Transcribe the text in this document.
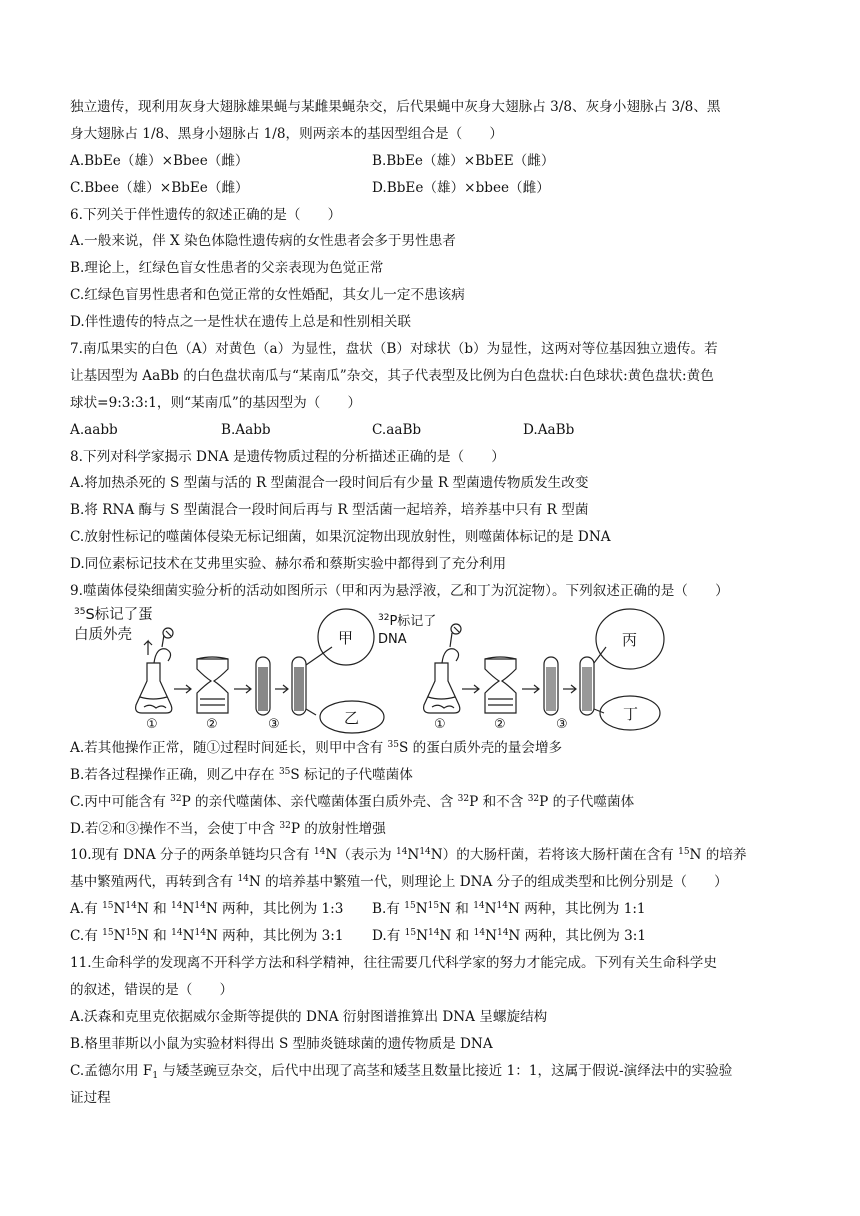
独立遗传，现利用灰身大翅脉雄果蝇与某雌果蝇杂交，后代果蝇中灰身大翅脉占 3/8、灰身小翅脉占 3/8、黑
身大翅脉占 1/8、黑身小翅脉占 1/8，则两亲本的基因型组合是（　　）
A.BbEe（雄）×Bbee（雌）	B.BbEe（雄）×BbEE（雌）
C.Bbee（雄）×BbEe（雌）	D.BbEe（雄）×bbee（雌）
6.下列关于伴性遗传的叙述正确的是（　　）
A.一般来说，伴 X 染色体隐性遗传病的女性患者会多于男性患者
B.理论上，红绿色盲女性患者的父亲表现为色觉正常
C.红绿色盲男性患者和色觉正常的女性婚配，其女儿一定不患该病
D.伴性遗传的特点之一是性状在遗传上总是和性别相关联
7.南瓜果实的白色（A）对黄色（a）为显性，盘状（B）对球状（b）为显性，这两对等位基因独立遗传。若
让基因型为 AaBb 的白色盘状南瓜与“某南瓜”杂交，其子代表型及比例为白色盘状:白色球状:黄色盘状:黄色
球状=9:3:3:1，则“某南瓜”的基因型为（　　）
A.aabb	B.Aabb	C.aaBb	D.AaBb
8.下列对科学家揭示 DNA 是遗传物质过程的分析描述正确的是（　　）
A.将加热杀死的 S 型菌与活的 R 型菌混合一段时间后有少量 R 型菌遗传物质发生改变
B.将 RNA 酶与 S 型菌混合一段时间后再与 R 型活菌一起培养，培养基中只有 R 型菌
C.放射性标记的噬菌体侵染无标记细菌，如果沉淀物出现放射性，则噬菌体标记的是 DNA
D.同位素标记技术在艾弗里实验、赫尔希和蔡斯实验中都得到了充分利用
9.噬菌体侵染细菌实验分析的活动如图所示（甲和丙为悬浮液，乙和丁为沉淀物）。下列叙述正确的是（　　）
$^{35}$S标记了蛋
白质外壳
$^{32}$P标记了
DNA
甲
乙
丙
丁
①	②	③	①	②	③
A.若其他操作正常，随①过程时间延长，则甲中含有 $^{35}$S 的蛋白质外壳的量会增多
B.若各过程操作正确，则乙中存在 $^{35}$S 标记的子代噬菌体
C.丙中可能含有 $^{32}$P 的亲代噬菌体、亲代噬菌体蛋白质外壳、含 $^{32}$P 和不含 $^{32}$P 的子代噬菌体
D.若②和③操作不当，会使丁中含 $^{32}$P 的放射性增强
10.现有 DNA 分子的两条单链均只含有 $^{14}$N（表示为 $^{14}N^{14}N$）的大肠杆菌，若将该大肠杆菌在含有 $^{15}$N 的培养
基中繁殖两代，再转到含有 $^{14}$N 的培养基中繁殖一代，则理论上 DNA 分子的组成类型和比例分别是（　　）
A.有 $^{15}N^{14}N$ 和 $^{14}N^{14}N$ 两种，其比例为 1:3	B.有 $^{15}N^{15}N$ 和 $^{14}N^{14}N$ 两种，其比例为 1:1
C.有 $^{15}N^{15}N$ 和 $^{14}N^{14}N$ 两种，其比例为 3:1	D.有 $^{15}N^{14}N$ 和 $^{14}N^{14}N$ 两种，其比例为 3:1
11.生命科学的发现离不开科学方法和科学精神，往往需要几代科学家的努力才能完成。下列有关生命科学史
的叙述，错误的是（　　）
A.沃森和克里克依据威尔金斯等提供的 DNA 衍射图谱推算出 DNA 呈螺旋结构
B.格里菲斯以小鼠为实验材料得出 S 型肺炎链球菌的遗传物质是 DNA
C.孟德尔用 $F_1$ 与矮茎豌豆杂交，后代中出现了高茎和矮茎且数量比接近 1：1，这属于假说-演绎法中的实验验
证过程
